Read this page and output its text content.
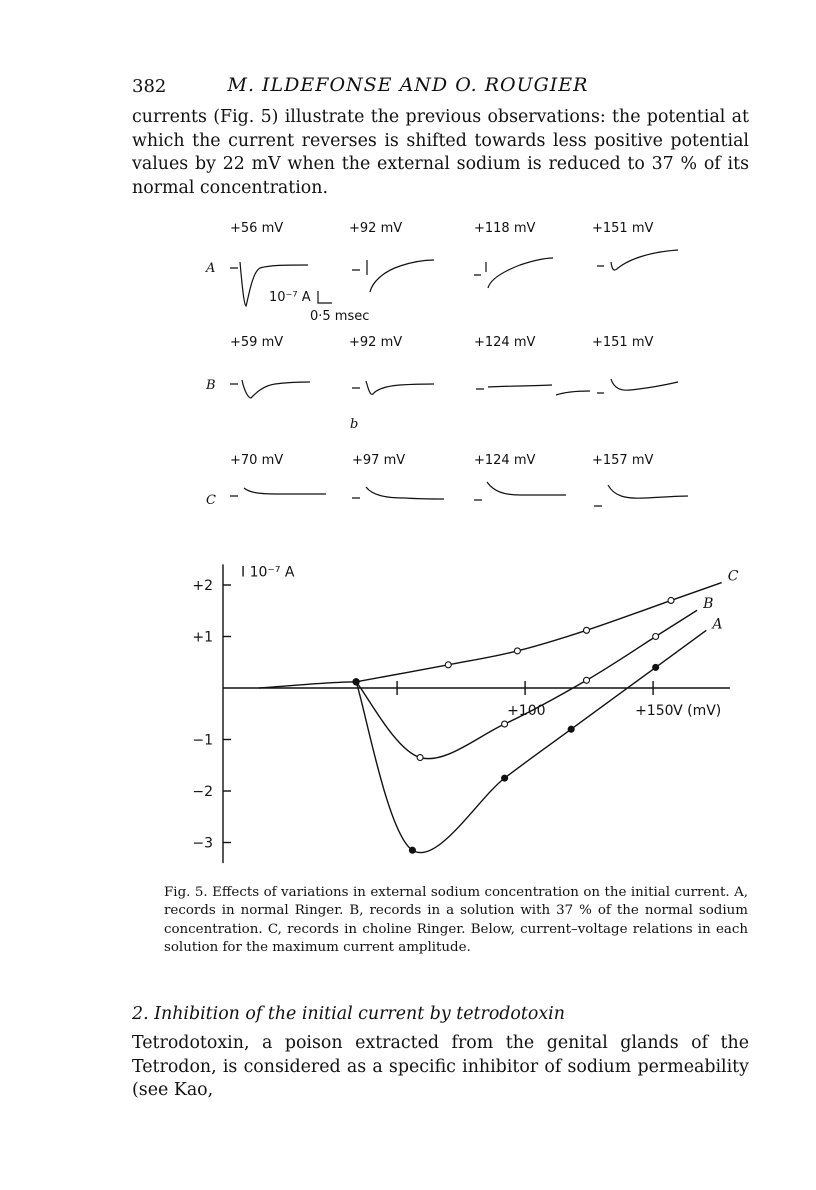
382	M. ILDEFONSE AND O. ROUGIER
currents (Fig. 5) illustrate the previous observations: the potential at which the current reverses is shifted towards less positive potential values by 22 mV when the external sodium is reduced to 37 % of its normal concentration.
+56 mV	+92 mV	+118 mV	+151 mV
A
+59 mV	+92 mV	+124 mV	+151 mV
B
b
+70 mV	+97 mV	+124 mV	+157 mV
C
10⁻⁷ A
0·5 msec
+2
+1
−1
−2
−3
+100	+150
I 10⁻⁷ A
V (mV)
A
B
C
Fig. 5. Effects of variations in external sodium concentration on the initial current. A, records in normal Ringer. B, records in a solution with 37 % of the normal sodium concentration. C, records in choline Ringer. Below, current–voltage relations in each solution for the maximum current amplitude.
2. Inhibition of the initial current by tetrodotoxin
Tetrodotoxin, a poison extracted from the genital glands of the Tetrodon, is considered as a specific inhibitor of sodium permeability (see Kao,
